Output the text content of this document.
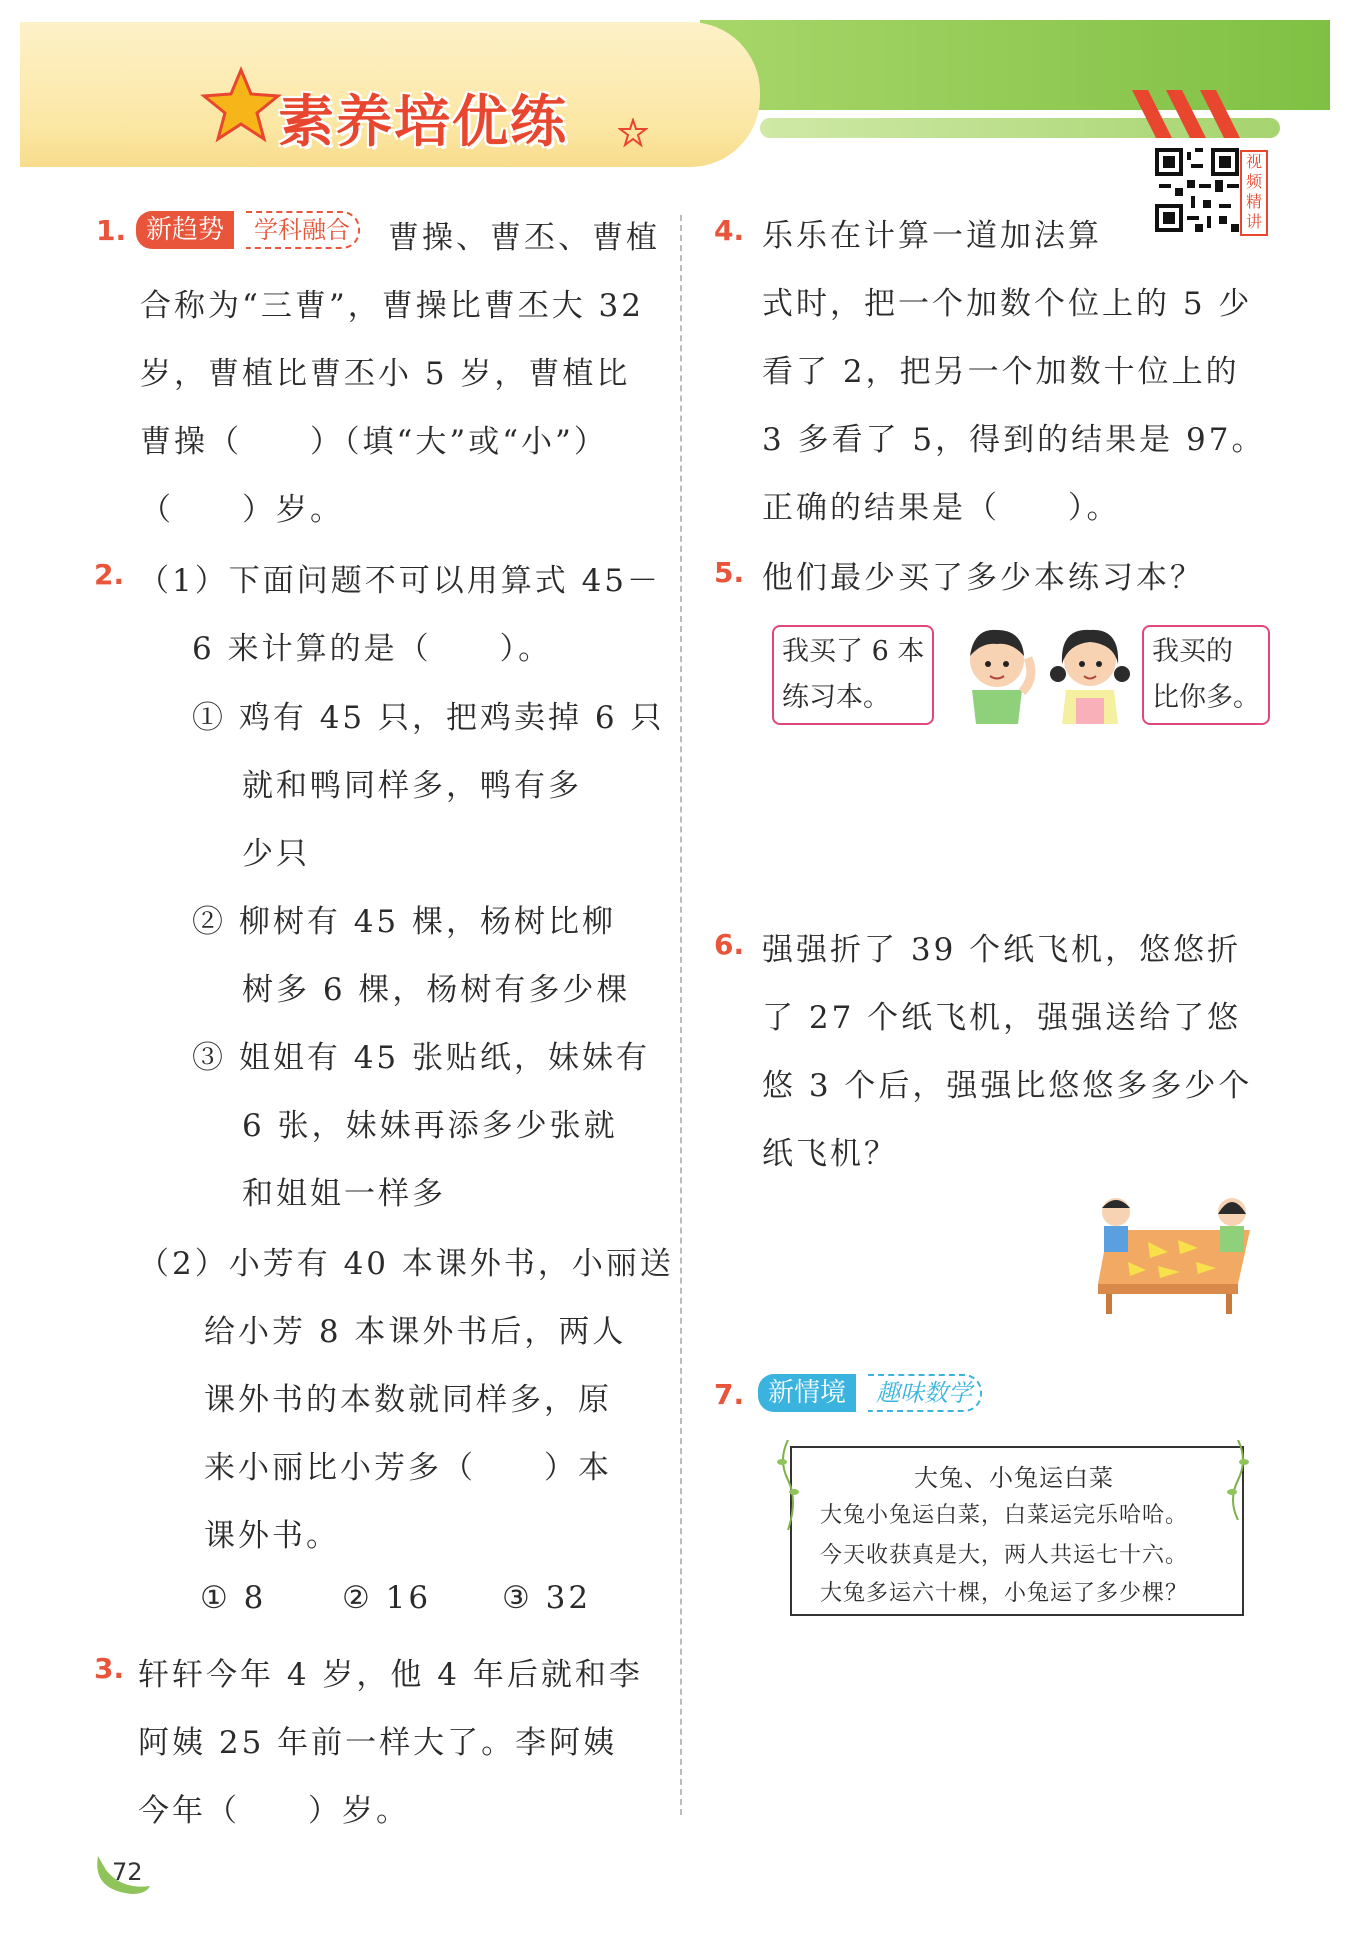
素养培优练
视
频
精
讲
1. 新趋势	学科融合	曹操、曹丕、曹植
合称为“三曹”，曹操比曹丕大 32
岁，曹植比曹丕小 5 岁，曹植比
曹操（　　）（填“大”或“小”）
（　　）岁。
2. （1）下面问题不可以用算式 45－
6 来计算的是（　　）。
① 鸡有 45 只，把鸡卖掉 6 只
就和鸭同样多，鸭有多
少只
② 柳树有 45 棵，杨树比柳
树多 6 棵，杨树有多少棵
③ 姐姐有 45 张贴纸，妹妹有
6 张，妹妹再添多少张就
和姐姐一样多
（2）小芳有 40 本课外书，小丽送
给小芳 8 本课外书后，两人
课外书的本数就同样多，原
来小丽比小芳多（　　）本
课外书。
① 8 ② 16 ③ 32
3. 轩轩今年 4 岁，他 4 年后就和李
阿姨 25 年前一样大了。李阿姨
今年（　　）岁。
4. 乐乐在计算一道加法算
式时，把一个加数个位上的 5 少
看了 2，把另一个加数十位上的
3 多看了 5，得到的结果是 97。
正确的结果是（　　）。
5. 他们最少买了多少本练习本？
我买了 6 本
练习本。
我买的
比你多。
6. 强强折了 39 个纸飞机，悠悠折
了 27 个纸飞机，强强送给了悠
悠 3 个后，强强比悠悠多多少个
纸飞机？
7. 新情境	趣味数学
大兔、小兔运白菜
大兔小兔运白菜，白菜运完乐哈哈。
今天收获真是大，两人共运七十六。
大兔多运六十棵，小兔运了多少棵？
72
